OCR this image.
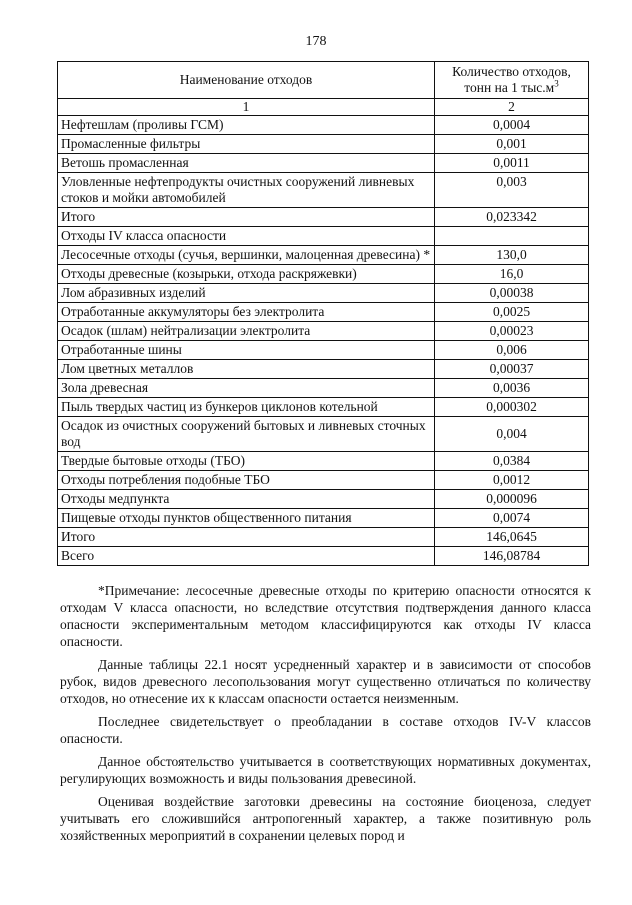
178
Наименование отходов	Количество отходов,
тонн на 1 $тыс.м^3$
1	2
Нефтешлам (проливы ГСМ)	0,0004
Промасленные фильтры	0,001
Ветошь промасленная	0,0011
Уловленные нефтепродукты очистных сооружений ливневых стоков и мойки автомобилей	0,003
Итого	0,023342
Отходы IV класса опасности	
Лесосечные отходы (сучья, вершинки, малоценная древесина) *	130,0
Отходы древесные (козырьки, отхода раскряжевки)	16,0
Лом абразивных изделий	0,00038
Отработанные аккумуляторы без электролита	0,0025
Осадок (шлам) нейтрализации электролита	0,00023
Отработанные шины	0,006
Лом цветных металлов	0,00037
Зола древесная	0,0036
Пыль твердых частиц из бункеров циклонов котельной	0,000302
Осадок из очистных сооружений бытовых и ливневых сточных вод	0,004
Твердые бытовые отходы (ТБО)	0,0384
Отходы потребления подобные ТБО	0,0012
Отходы медпункта	0,000096
Пищевые отходы пунктов общественного питания	0,0074
Итого	146,0645
Всего	146,08784

*Примечание: лесосечные древесные отходы по критерию опасности относятся к отходам V класса опасности, но вследствие отсутствия подтверждения данного класса опасности экспериментальным методом классифицируются как отходы IV класса опасности.

Данные таблицы 22.1 носят усредненный характер и в зависимости от способов рубок, видов древесного лесопользования могут существенно отличаться по количеству отходов, но отнесение их к классам опасности остается неизменным.

Последнее свидетельствует о преобладании в составе отходов IV-V классов опасности.

Данное обстоятельство учитывается в соответствующих нормативных документах, регулирующих возможность и виды пользования древесиной.

Оценивая воздействие заготовки древесины на состояние биоценоза, следует учитывать его сложившийся антропогенный характер, а также позитивную роль хозяйственных мероприятий в сохранении целевых пород и
